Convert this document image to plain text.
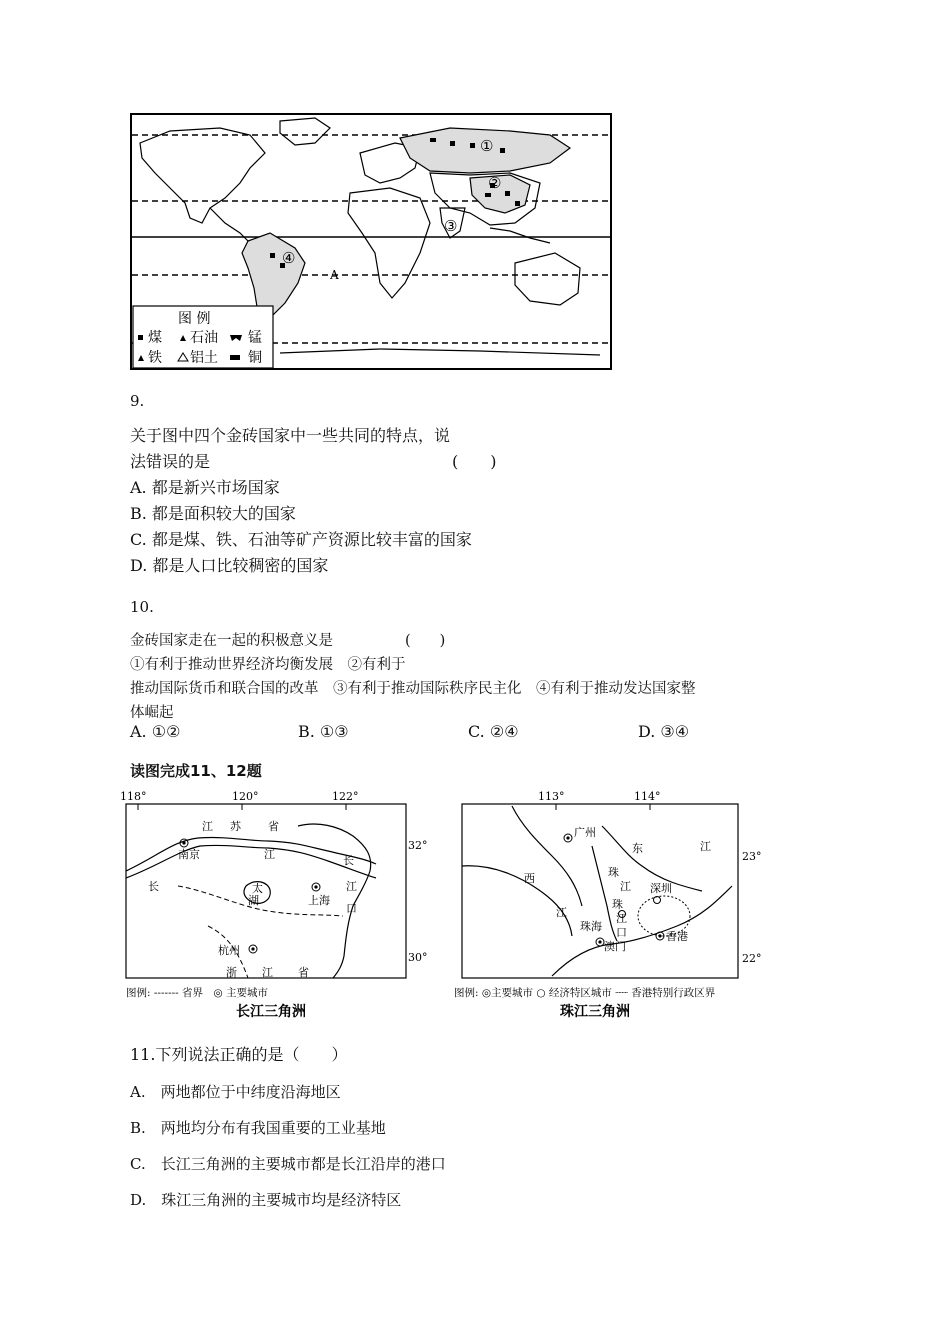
①
②
③
④
A
图 例
煤 石油 锰
铁 铝土 铜
9.
关于图中四个金砖国家中一些共同的特点，说
法错误的是	(　　)
A. 都是新兴市场国家
B. 都是面积较大的国家
C. 都是煤、铁、石油等矿产资源比较丰富的国家
D. 都是人口比较稠密的国家
10.
金砖国家走在一起的积极意义是	(　　)
①有利于推动世界经济均衡发展　②有利于
推动国际货币和联合国的改革　③有利于推动国际秩序民主化　④有利于推动发达国家整
体崛起
A. ①②	B. ①③	C. ②④	D. ③④
读图完成11、12题
118°	120°	122°
32°
30°
江 苏 省
南京	江	长
长	太
湖	上海
江
口
杭州
浙 江 省
图例: ------- 省界　◎ 主要城市
长江三角洲
113°	114°
23°
22°
广州
东	江
西	珠
江 深圳
江
珠海
珠
江
口
澳门
香港
图例: ◎主要城市 ○ 经济特区城市 ┈┈ 香港特别行政区界
珠江三角洲
11.下列说法正确的是（　　）
A.　两地都位于中纬度沿海地区
B.　两地均分布有我国重要的工业基地
C.　长江三角洲的主要城市都是长江沿岸的港口
D.　珠江三角洲的主要城市均是经济特区
